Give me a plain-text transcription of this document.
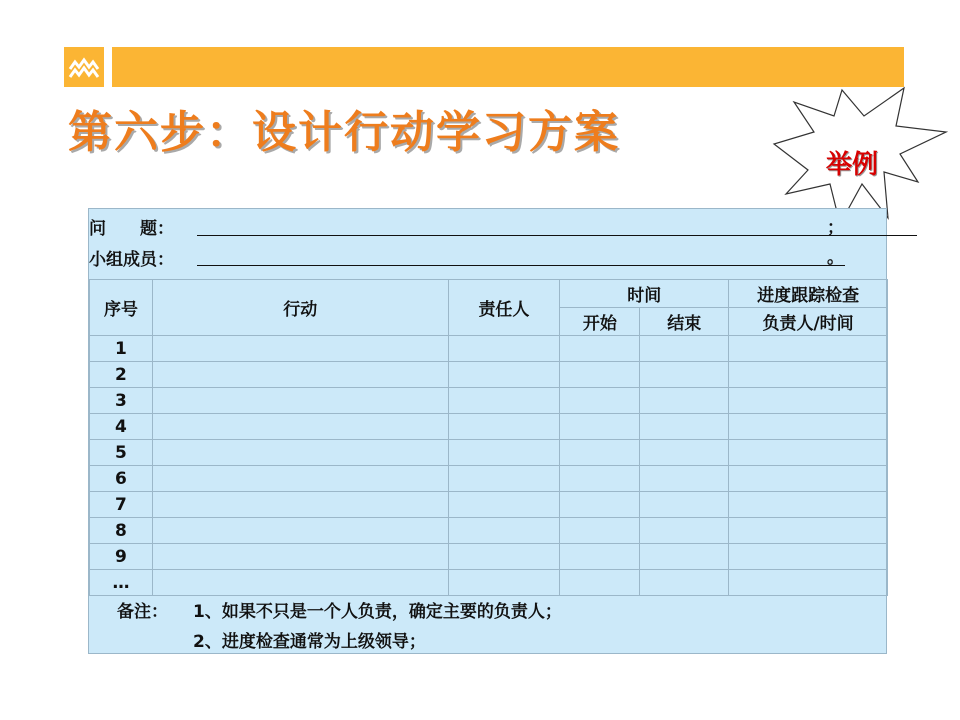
第六步：设计行动学习方案
举例
问　　题：	；
小组成员：	。
序号	行动	责任人	时间		进度跟踪检查
			开始	结束	负责人/时间
1					
2					
3					
4					
5					
6					
7					
8					
9					
…					
备注： 1、如果不只是一个人负责，确定主要的负责人；
2、进度检查通常为上级领导；
